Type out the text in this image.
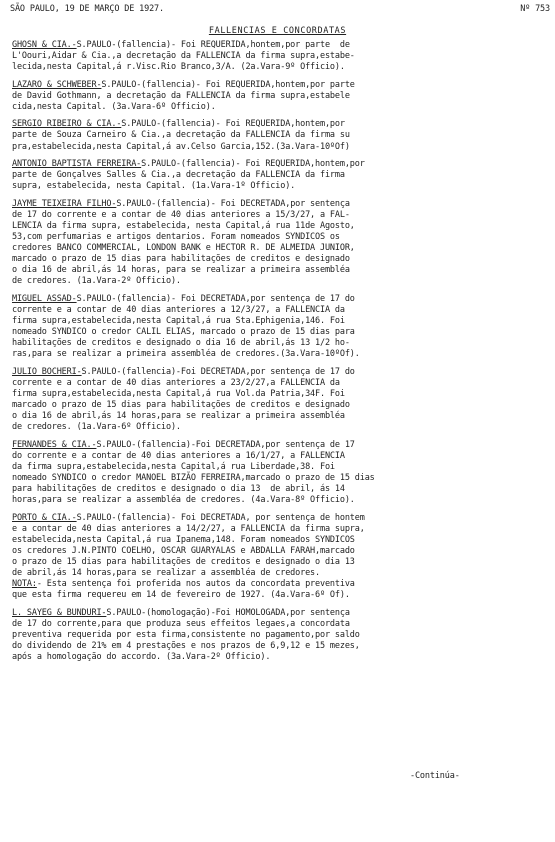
SÃO PAULO, 19 DE MARÇO DE 1927.	Nº 753
FALLENCIAS E CONCORDATAS

GHOSN & CIA.-S.PAULO-(fallencia)- Foi REQUERIDA,hontem,por parte  de

L'Oouri,Aidar & Cia.,a decretação da FALLENCIA da firma supra,estabe-

lecida,nesta Capital,á r.Visc.Rio Branco,3/A. (2a.Vara-9º Officio).

LAZARO & SCHWEBER-S.PAULO-(fallencia)- Foi REQUERIDA,hontem,por parte

de David Gothmann, a decretação da FALLENCIA da firma supra,estabele

cida,nesta Capital. (3a.Vara-6º Officio).

SERGIO RIBEIRO & CIA.-S.PAULO-(fallencia)- Foi REQUERIDA,hontem,por

parte de Souza Carneiro & Cia.,a decretação da FALLENCIA da firma su

pra,estabelecida,nesta Capital,á av.Celso Garcia,152.(3a.Vara-10ºOf)

ANTONIO BAPTISTA FERREIRA-S.PAULO-(fallencia)- Foi REQUERIDA,hontem,por

parte de Gonçalves Salles & Cia.,a decretação da FALLENCIA da firma

supra, estabelecida, nesta Capital. (1a.Vara-1º Officio).

JAYME TEIXEIRA FILHO-S.PAULO-(fallencia)- Foi DECRETADA,por sentença

de 17 do corrente e a contar de 40 dias anteriores a 15/3/27, a FAL-

LENCIA da firma supra, estabelecida, nesta Capital,á rua 11de Agosto,

53,com perfumarias e artigos dentarios. Foram nomeados SYNDICOS os

credores BANCO COMMERCIAL, LONDON BANK e HECTOR R. DE ALMEIDA JUNIOR,

marcado o prazo de 15 dias para habilitações de creditos e designado

o dia 16 de abril,ás 14 horas, para se realizar a primeira assembléa

de credores. (1a.Vara-2º Officio).

MIGUEL ASSAD-S.PAULO-(fallencia)- Foi DECRETADA,por sentença de 17 do

corrente e a contar de 40 dias anteriores a 12/3/27, a FALLENCIA da

firma supra,estabelecida,nesta Capital,á rua Sta.Ephigenia,146. Foi

nomeado SYNDICO o credor CALIL ELIAS, marcado o prazo de 15 dias para

habilitações de creditos e designado o dia 16 de abril,ás 13 1/2 ho-

ras,para se realizar a primeira assembléa de credores.(3a.Vara-10ºOf).

JULIO BOCHERI-S.PAULO-(fallencia)-Foi DECRETADA,por sentença de 17 do

corrente e a contar de 40 dias anteriores a 23/2/27,a FALLENCIA da

firma supra,estabelecida,nesta Capital,á rua Vol.da Patria,34F. Foi

marcado o prazo de 15 dias para habilitações de creditos e designado

o dia 16 de abril,ás 14 horas,para se realizar a primeira assembléa

de credores. (1a.Vara-6º Officio).

FERNANDES & CIA.-S.PAULO-(fallencia)-Foi DECRETADA,por sentença de 17

do corrente e a contar de 40 dias anteriores a 16/1/27, a FALLENCIA

da firma supra,estabelecida,nesta Capital,á rua Liberdade,38. Foi

nomeado SYNDICO o credor MANOEL BIZÃO FERREIRA,marcado o prazo de 15 dias

para habilitações de creditos e designado o dia 13  de abril, ás 14

horas,para se realizar a assembléa de credores. (4a.Vara-8º Officio).

PORTO & CIA.-S.PAULO-(fallencia)- Foi DECRETADA, por sentença de hontem

e a contar de 40 dias anteriores a 14/2/27, a FALLENCIA da firma supra,

estabelecida,nesta Capital,á rua Ipanema,148. Foram nomeados SYNDICOS

os credores J.N.PINTO COELHO, OSCAR GUARYALAS e ABDALLA FARAH,marcado

o prazo de 15 dias para habilitações de creditos e designado o dia 13

de abril,ás 14 horas,para se realizar a assembléa de credores.

NOTA:- Esta sentença foi proferida nos autos da concordata preventiva

que esta firma requereu em 14 de fevereiro de 1927. (4a.Vara-6º Of).

L. SAYEG & BUNDURI-S.PAULO-(homologação)-Foi HOMOLOGADA,por sentença

de 17 do corrente,para que produza seus effeitos legaes,a concordata

preventiva requerida por esta firma,consistente no pagamento,por saldo

do dividendo de 21% em 4 prestações e nos prazos de 6,9,12 e 15 mezes,

após a homologação do accordo. (3a.Vara-2º Officio).

-Continúa-
